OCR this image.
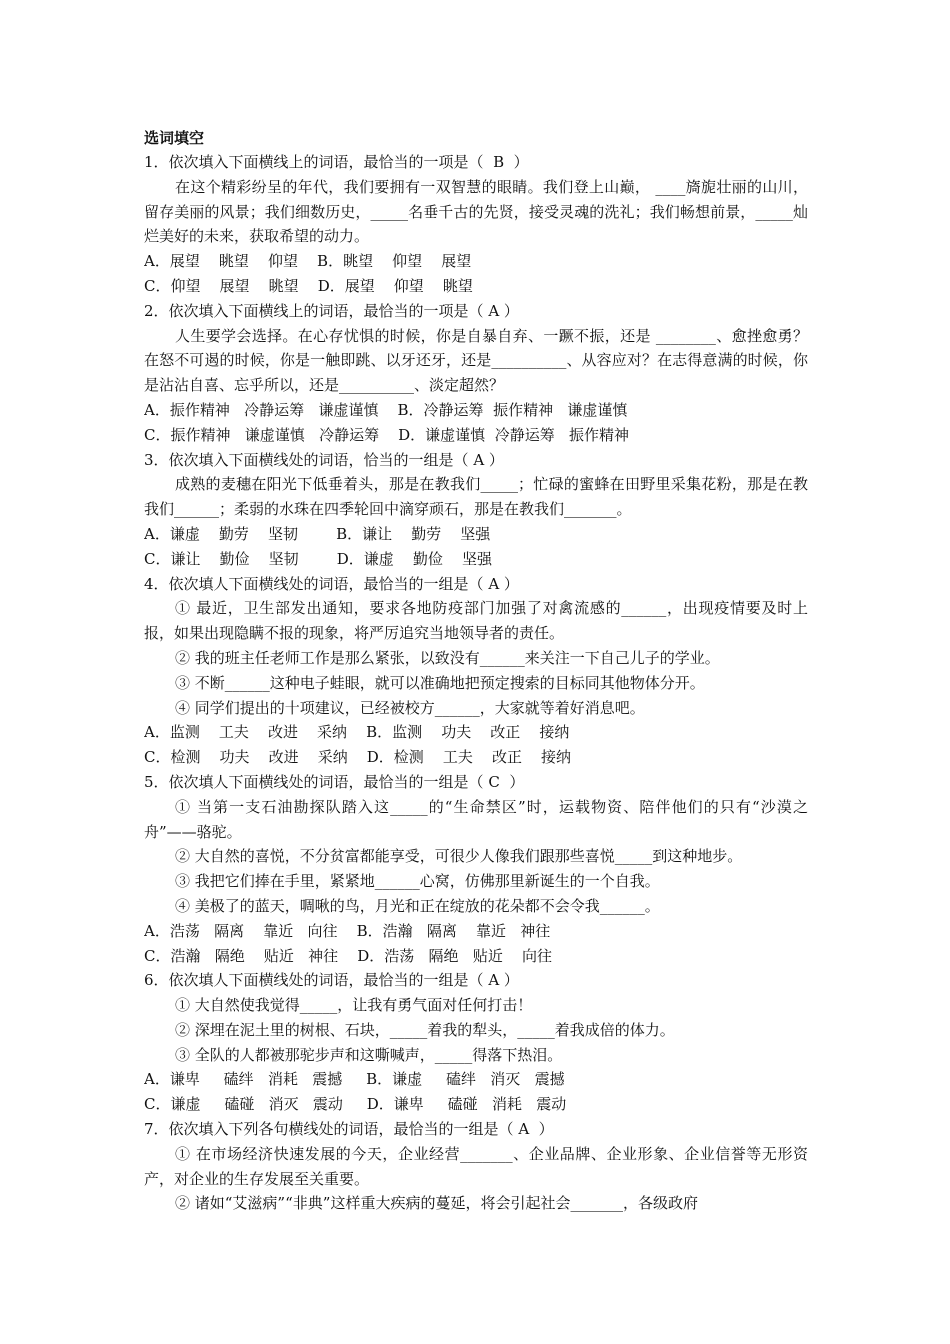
选词填空
1．依次填入下面横线上的词语，最恰当的一项是（  B  ）
在这个精彩纷呈的年代，我们要拥有一双智慧的眼睛。我们登上山巅， ____旖旎壮丽的山川，留存美丽的风景；我们细数历史，_____名垂千古的先贤，接受灵魂的洗礼；我们畅想前景，_____灿烂美好的未来，获取希望的动力。
A．展望    眺望    仰望    B．眺望    仰望    展望
C．仰望    展望    眺望    D．展望    仰望    眺望
2．依次填入下面横线上的词语，最恰当的一项是（ A ）
人生要学会选择。在心存忧惧的时候，你是自暴自弃、一蹶不振，还是 ________、愈挫愈勇？在怒不可遏的时候，你是一触即跳、以牙还牙，还是__________、从容应对？在志得意满的时候，你是沾沾自喜、忘乎所以，还是__________、淡定超然？
A．振作精神   冷静运筹   谦虚谨慎    B．冷静运筹  振作精神   谦虚谨慎
C．振作精神   谦虚谨慎   冷静运筹    D．谦虚谨慎  冷静运筹   振作精神
3．依次填入下面横线处的词语，恰当的一组是（ A ）
成熟的麦穗在阳光下低垂着头，那是在教我们_____；忙碌的蜜蜂在田野里采集花粉，那是在教我们______；柔弱的水珠在四季轮回中滴穿顽石，那是在教我们_______。
A．谦虚    勤劳    坚韧        B．谦让    勤劳    坚强
C．谦让    勤俭    坚韧        D．谦虚    勤俭    坚强
4．依次填人下面横线处的词语，最恰当的一组是（ A ）
① 最近，卫生部发出通知，要求各地防疫部门加强了对禽流感的______，出现疫情要及时上报，如果出现隐瞒不报的现象，将严厉追究当地领导者的责任。
② 我的班主任老师工作是那么紧张，以致没有______来关注一下自己儿子的学业。
③ 不断______这种电子蛙眼，就可以准确地把预定搜索的目标同其他物体分开。
④ 同学们提出的十项建议，已经被校方______，大家就等着好消息吧。
A．监测    工夫    改进    采纳    B．监测    功夫    改正    接纳
C．检测    功夫    改进    采纳    D．检测    工夫    改正    接纳
5．依次填人下面横线处的词语，最恰当的一组是（ C  ）
① 当第一支石油勘探队踏入这_____的“生命禁区”时，运载物资、陪伴他们的只有“沙漠之舟”——骆驼。
② 大自然的喜悦，不分贫富都能享受，可很少人像我们跟那些喜悦_____到这种地步。
③ 我把它们捧在手里，紧紧地______心窝，仿佛那里新诞生的一个自我。
④ 美极了的蓝天，啁啾的鸟，月光和正在绽放的花朵都不会令我______。
A．浩荡   隔离    靠近   向往    B．浩瀚   隔离    靠近   神往
C．浩瀚   隔绝    贴近   神往    D．浩荡   隔绝   贴近    向往
6．依次填人下面横线处的词语，最恰当的一组是（ A ）
① 大自然使我觉得_____，让我有勇气面对任何打击！
② 深埋在泥土里的树根、石块，_____着我的犁头，_____着我成倍的体力。
③ 全队的人都被那驼步声和这嘶喊声，_____得落下热泪。
A．谦卑     磕绊   消耗   震撼     B．谦虚     磕绊   消灭   震撼
C．谦虚     磕碰   消灭   震动     D．谦卑     磕碰   消耗   震动
7．依次填入下列各句横线处的词语，最恰当的一组是（ A  ）
① 在市场经济快速发展的今天，企业经营_______、企业品牌、企业形象、企业信誉等无形资产，对企业的生存发展至关重要。
② 诸如“艾滋病”“非典”这样重大疾病的蔓延，将会引起社会_______，各级政府
